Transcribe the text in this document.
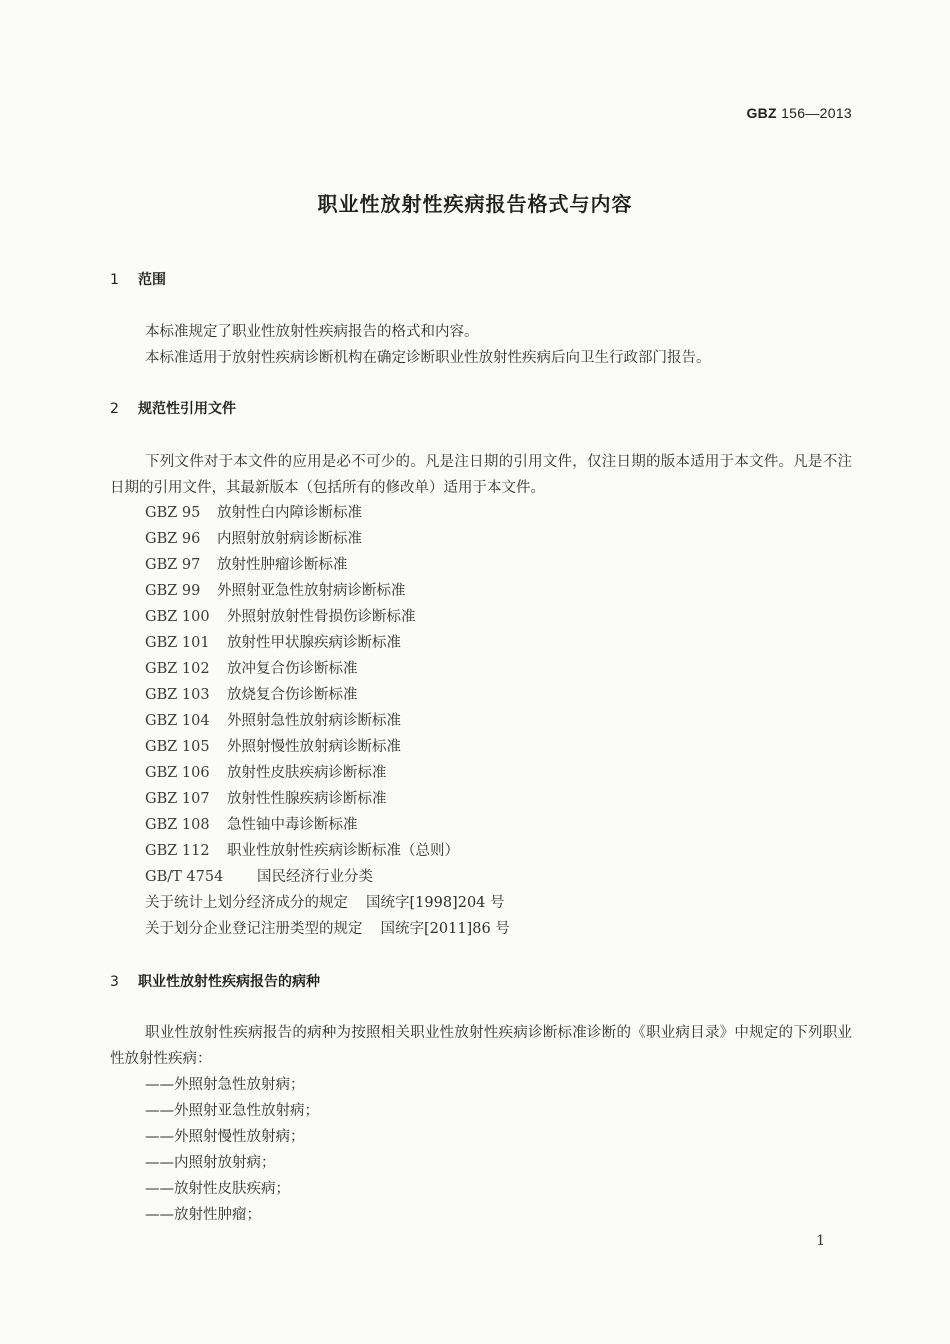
GBZ 156—2013
职业性放射性疾病报告格式与内容
1 范围
本标准规定了职业性放射性疾病报告的格式和内容。
本标准适用于放射性疾病诊断机构在确定诊断职业性放射性疾病后向卫生行政部门报告。
2 规范性引用文件
下列文件对于本文件的应用是必不可少的。凡是注日期的引用文件，仅注日期的版本适用于本文件。凡是不注日期的引用文件，其最新版本（包括所有的修改单）适用于本文件。
GBZ 95 放射性白内障诊断标准
GBZ 96 内照射放射病诊断标准
GBZ 97 放射性肿瘤诊断标准
GBZ 99 外照射亚急性放射病诊断标准
GBZ 100 外照射放射性骨损伤诊断标准
GBZ 101 放射性甲状腺疾病诊断标准
GBZ 102 放冲复合伤诊断标准
GBZ 103 放烧复合伤诊断标准
GBZ 104 外照射急性放射病诊断标准
GBZ 105 外照射慢性放射病诊断标准
GBZ 106 放射性皮肤疾病诊断标准
GBZ 107 放射性性腺疾病诊断标准
GBZ 108 急性铀中毒诊断标准
GBZ 112 职业性放射性疾病诊断标准（总则）
GB/T 4754 国民经济行业分类
关于统计上划分经济成分的规定 国统字[1998]204 号
关于划分企业登记注册类型的规定 国统字[2011]86 号
3 职业性放射性疾病报告的病种
职业性放射性疾病报告的病种为按照相关职业性放射性疾病诊断标准诊断的《职业病目录》中规定的下列职业性放射性疾病：
——外照射急性放射病；
——外照射亚急性放射病；
——外照射慢性放射病；
——内照射放射病；
——放射性皮肤疾病；
——放射性肿瘤；
1
